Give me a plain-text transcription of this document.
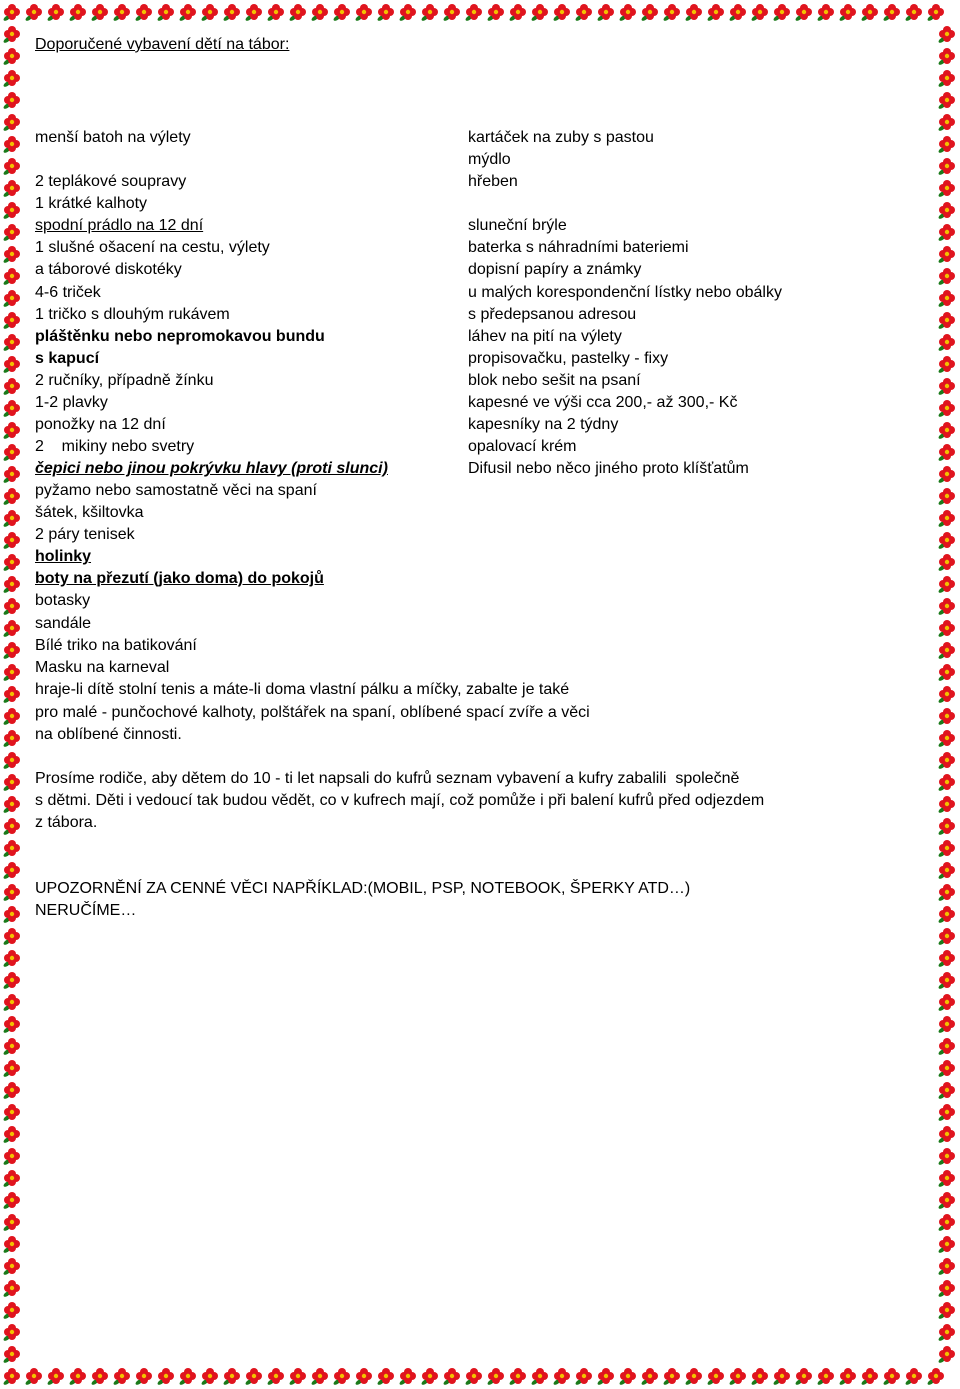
Doporučené vybavení dětí na tábor:
menší batoh na výlety
2 teplákové soupravy
1 krátké kalhoty
spodní prádlo na 12 dní
1 slušné ošacení na cestu, výlety
a táborové diskotéky
4-6 triček
1 tričko s dlouhým rukávem
pláštěnku nebo nepromokavou bundu
s kapucí
2 ručníky, případně žínku
1-2 plavky
ponožky na 12 dní
2    mikiny nebo svetry
čepici nebo jinou pokrývku hlavy (proti slunci)
pyžamo nebo samostatně věci na spaní
šátek, kšiltovka
2 páry tenisek
holinky
boty na přezutí (jako doma) do pokojů
botasky
sandále
Bílé triko na batikování
Masku na karneval
hraje-li dítě stolní tenis a máte-li doma vlastní pálku a míčky, zabalte je také
pro malé - punčochové kalhoty, polštářek na spaní, oblíbené spací zvíře a věci
na oblíbené činnosti.
kartáček na zuby s pastou
mýdlo
hřeben
sluneční brýle
baterka s náhradními bateriemi
dopisní papíry a známky
u malých korespondenční lístky nebo obálky
s předepsanou adresou
láhev na pití na výlety
propisovačku, pastelky - fixy
blok nebo sešit na psaní
kapesné ve výši cca 200,- až 300,- Kč
kapesníky na 2 týdny
opalovací krém
Difusil nebo něco jiného proto klíšťatům
Prosíme rodiče, aby dětem do 10 - ti let napsali do kufrů seznam vybavení a kufry zabalili  společně
s dětmi. Děti i vedoucí tak budou vědět, co v kufrech mají, což pomůže i při balení kufrů před odjezdem
z tábora.
UPOZORNĚNÍ ZA CENNÉ VĚCI NAPŘÍKLAD:(MOBIL, PSP, NOTEBOOK, ŠPERKY ATD…)
NERUČÍME…
